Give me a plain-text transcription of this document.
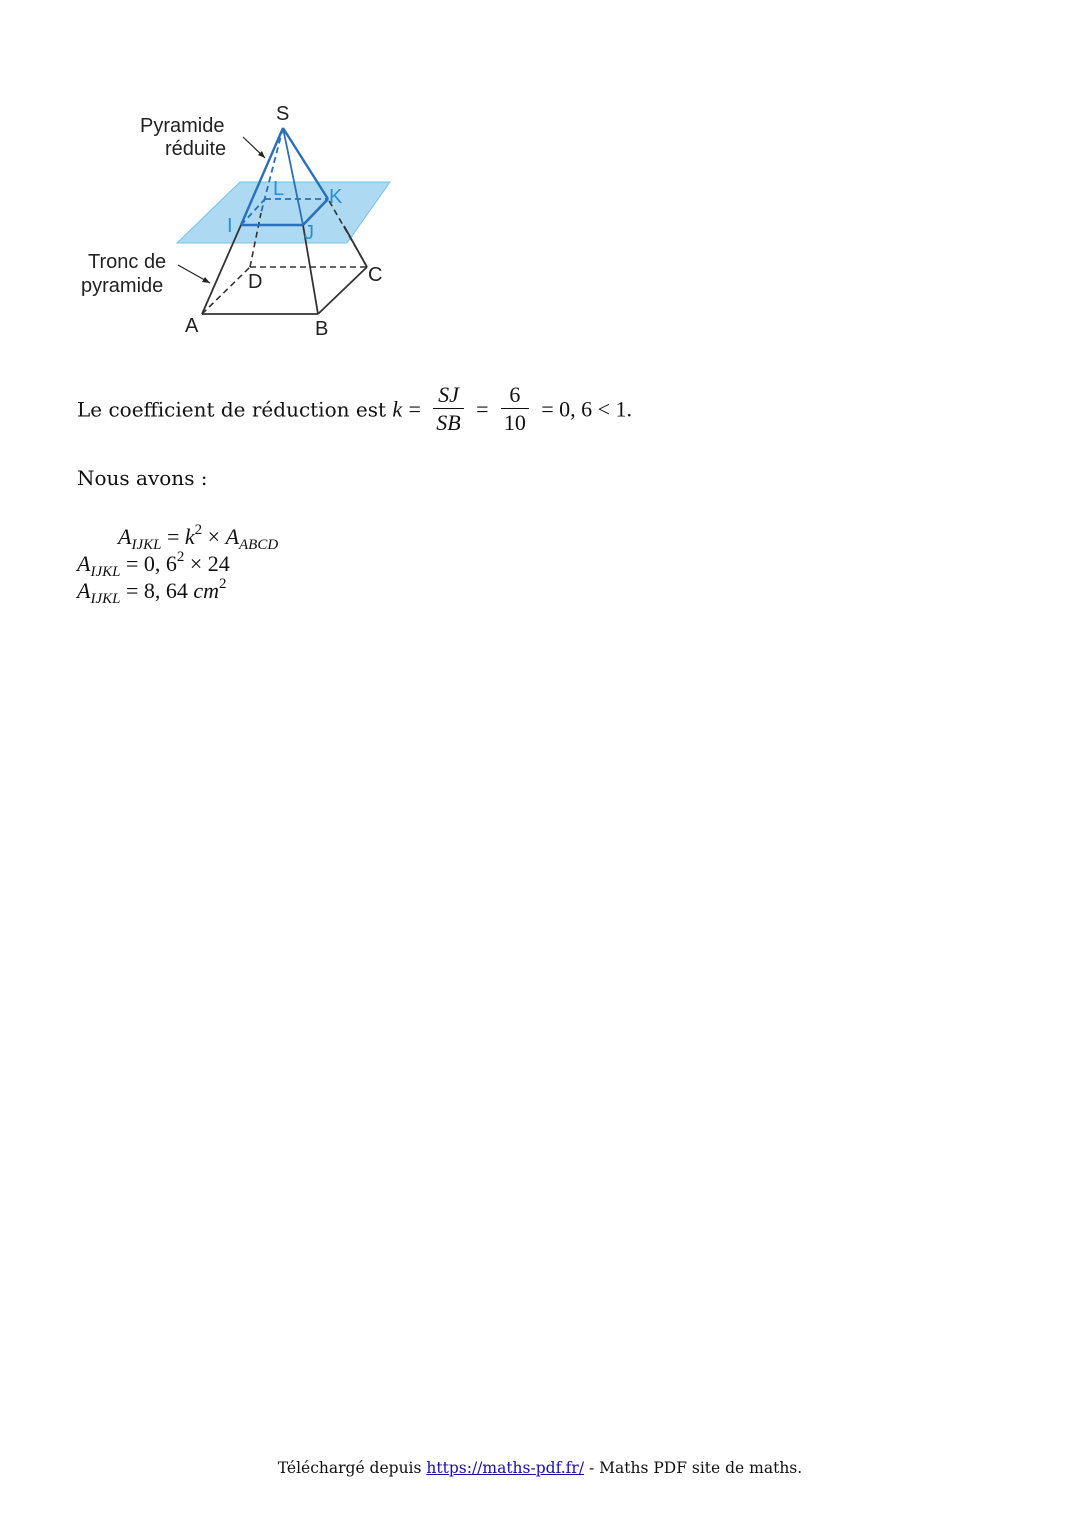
Pyramide
réduite
Tronc de
pyramide
S
I	J
K
L
A	B
C
D
Le coefficient de réduction est $k = \frac{SJ}{SB} = \frac{6}{10} = 0$, 6 < 1.
Nous avons :
$A_{IJKL} = k^2 \times A_{ABCD}$
$A_{IJKL} = 0$, $6^2 \times 24$
$A_{IJKL} = 8$, 64 $cm^2$
Téléchargé depuis https://maths-pdf.fr/ - Maths PDF site de maths.
